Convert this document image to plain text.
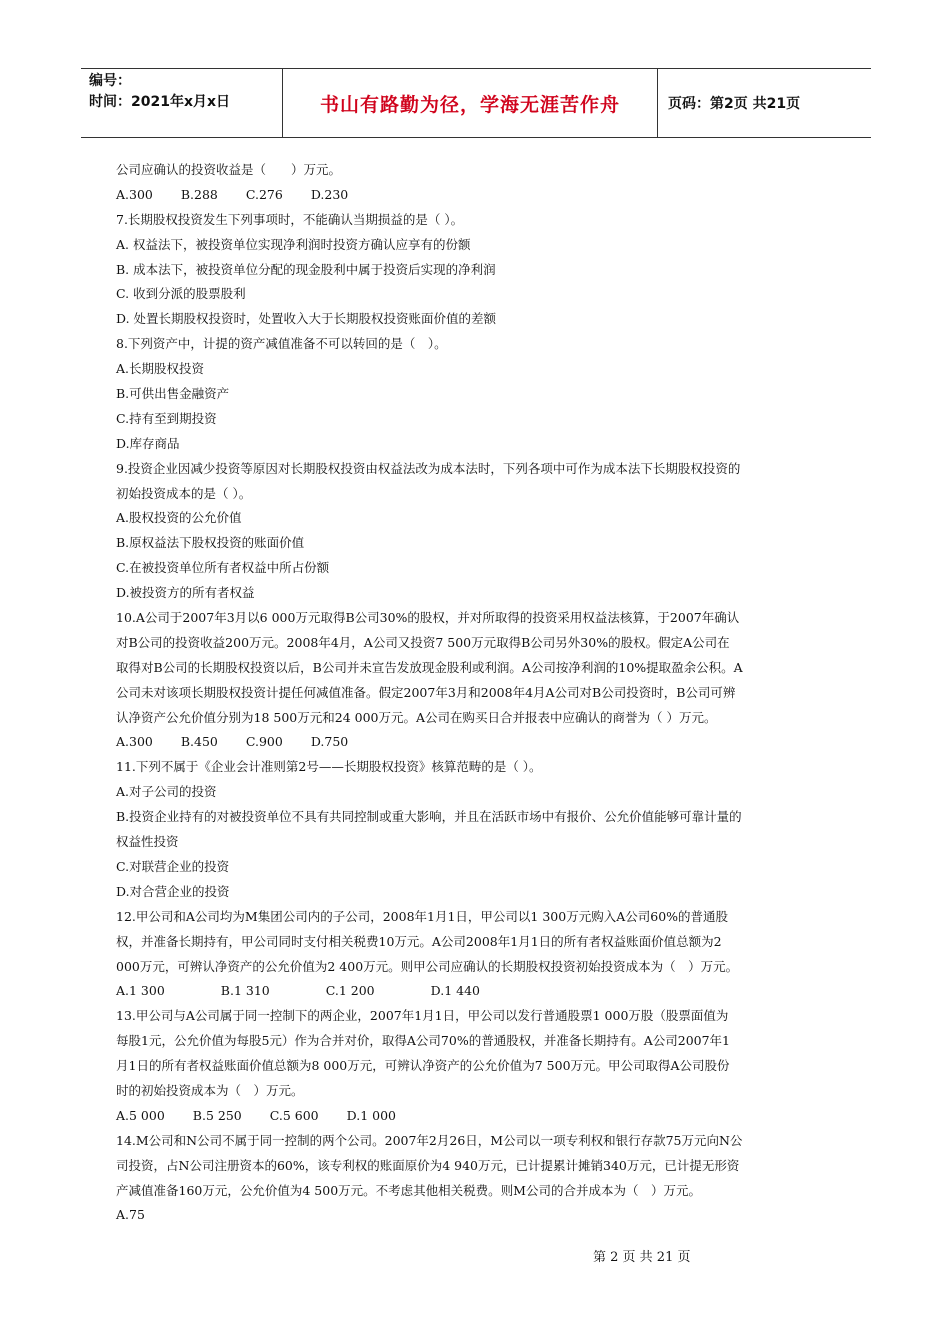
编号：
时间：2021年x月x日	书山有路勤为径，学海无涯苦作舟	页码：第2页 共21页
公司应确认的投资收益是（　　）万元。
A.300 B.288 C.276 D.230
7.长期股权投资发生下列事项时，不能确认当期损益的是（ ）。
A. 权益法下，被投资单位实现净利润时投资方确认应享有的份额
B. 成本法下，被投资单位分配的现金股利中属于投资后实现的净利润
C. 收到分派的股票股利
D. 处置长期股权投资时，处置收入大于长期股权投资账面价值的差额
8.下列资产中，计提的资产减值准备不可以转回的是（　）。
A.长期股权投资
B.可供出售金融资产
C.持有至到期投资
D.库存商品
9.投资企业因减少投资等原因对长期股权投资由权益法改为成本法时，下列各项中可作为成本法下长期股权投资的
初始投资成本的是（ ）。
A.股权投资的公允价值
B.原权益法下股权投资的账面价值
C.在被投资单位所有者权益中所占份额
D.被投资方的所有者权益
10.A公司于2007年3月以6 000万元取得B公司30%的股权，并对所取得的投资采用权益法核算，于2007年确认
对B公司的投资收益200万元。2008年4月，A公司又投资7 500万元取得B公司另外30%的股权。假定A公司在
取得对B公司的长期股权投资以后，B公司并未宣告发放现金股利或利润。A公司按净利润的10%提取盈余公积。A
公司未对该项长期股权投资计提任何减值准备。假定2007年3月和2008年4月A公司对B公司投资时，B公司可辨
认净资产公允价值分别为18 500万元和24 000万元。A公司在购买日合并报表中应确认的商誉为（ ）万元。
A.300 B.450 C.900 D.750
11.下列不属于《企业会计准则第2号——长期股权投资》核算范畴的是（ ）。
A.对子公司的投资
B.投资企业持有的对被投资单位不具有共同控制或重大影响，并且在活跃市场中有报价、公允价值能够可靠计量的
权益性投资
C.对联营企业的投资
D.对合营企业的投资
12.甲公司和A公司均为M集团公司内的子公司，2008年1月1日，甲公司以1 300万元购入A公司60%的普通股
权，并准备长期持有，甲公司同时支付相关税费10万元。A公司2008年1月1日的所有者权益账面价值总额为2
000万元，可辨认净资产的公允价值为2 400万元。则甲公司应确认的长期股权投资初始投资成本为（　）万元。
A.1 300	B.1 310	C.1 200	D.1 440
13.甲公司与A公司属于同一控制下的两企业，2007年1月1日，甲公司以发行普通股票1 000万股（股票面值为
每股1元，公允价值为每股5元）作为合并对价，取得A公司70%的普通股权，并准备长期持有。A公司2007年1
月1日的所有者权益账面价值总额为8 000万元，可辨认净资产的公允价值为7 500万元。甲公司取得A公司股份
时的初始投资成本为（　）万元。
A.5 000 B.5 250 C.5 600 D.1 000
14.M公司和N公司不属于同一控制的两个公司。2007年2月26日，M公司以一项专利权和银行存款75万元向N公
司投资，占N公司注册资本的60%，该专利权的账面原价为4 940万元，已计提累计摊销340万元，已计提无形资
产减值准备160万元，公允价值为4 500万元。不考虑其他相关税费。则M公司的合并成本为（　）万元。
A.75
第 2 页 共 21 页
